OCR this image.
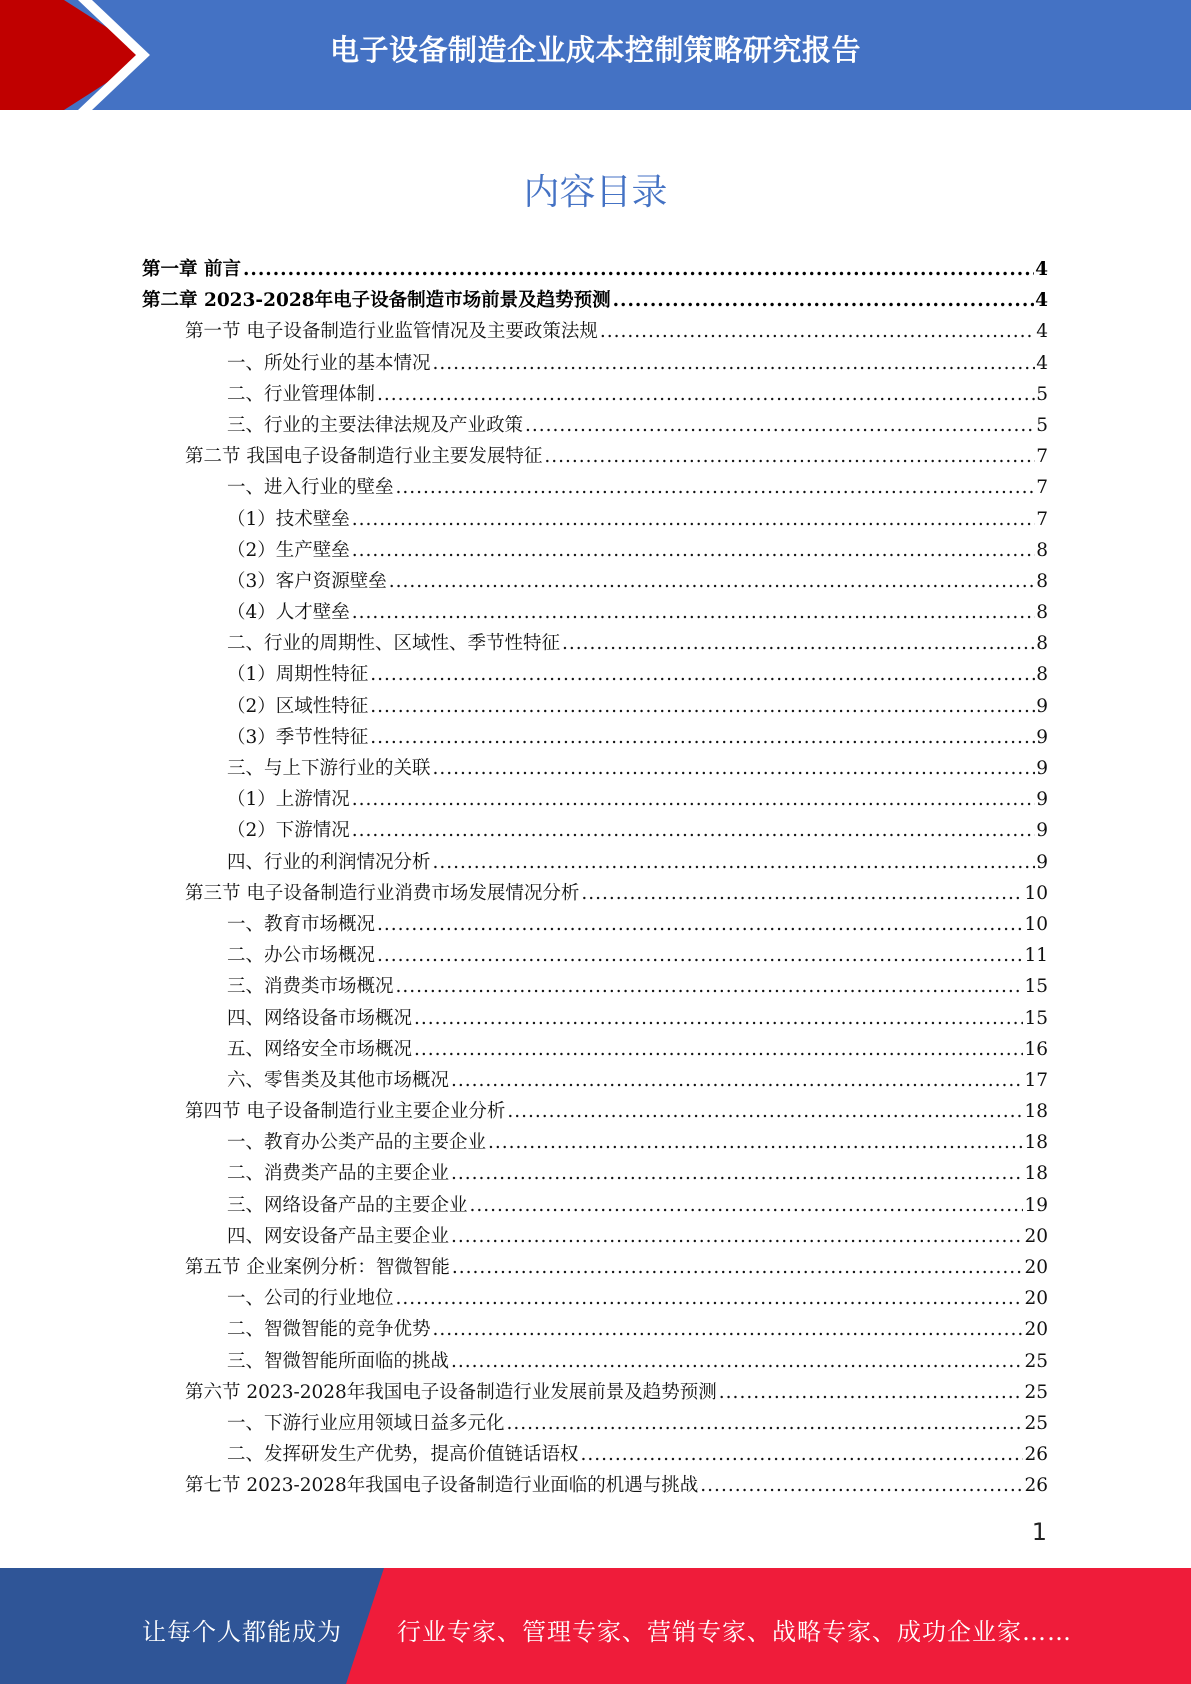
电子设备制造企业成本控制策略研究报告
内容目录
第一章 前言 .....	4
第二章 2023-2028年电子设备制造市场前景及趋势预测 .....	4
第一节 电子设备制造行业监管情况及主要政策法规 .....	4
一、所处行业的基本情况 .....	4
二、行业管理体制 .....	5
三、行业的主要法律法规及产业政策 .....	5
第二节 我国电子设备制造行业主要发展特征 .....	7
一、进入行业的壁垒 .....	7
（1）技术壁垒 .....	7
（2）生产壁垒 .....	8
（3）客户资源壁垒 .....	8
（4）人才壁垒 .....	8
二、行业的周期性、区域性、季节性特征 .....	8
（1）周期性特征 .....	8
（2）区域性特征 .....	9
（3）季节性特征 .....	9
三、与上下游行业的关联 .....	9
（1）上游情况 .....	9
（2）下游情况 .....	9
四、行业的利润情况分析 .....	9
第三节 电子设备制造行业消费市场发展情况分析 .....	10
一、教育市场概况 .....	10
二、办公市场概况 .....	11
三、消费类市场概况 .....	15
四、网络设备市场概况 .....	15
五、网络安全市场概况 .....	16
六、零售类及其他市场概况 .....	17
第四节 电子设备制造行业主要企业分析 .....	18
一、教育办公类产品的主要企业 .....	18
二、消费类产品的主要企业 .....	18
三、网络设备产品的主要企业 .....	19
四、网安设备产品主要企业 .....	20
第五节 企业案例分析：智微智能 .....	20
一、公司的行业地位 .....	20
二、智微智能的竞争优势 .....	20
三、智微智能所面临的挑战 .....	25
第六节 2023-2028年我国电子设备制造行业发展前景及趋势预测 .....	25
一、下游行业应用领域日益多元化 .....	25
二、发挥研发生产优势，提高价值链话语权 .....	26
第七节 2023-2028年我国电子设备制造行业面临的机遇与挑战 .....	26
1
让每个人都能成为 行业专家、管理专家、营销专家、战略专家、成功企业家……
